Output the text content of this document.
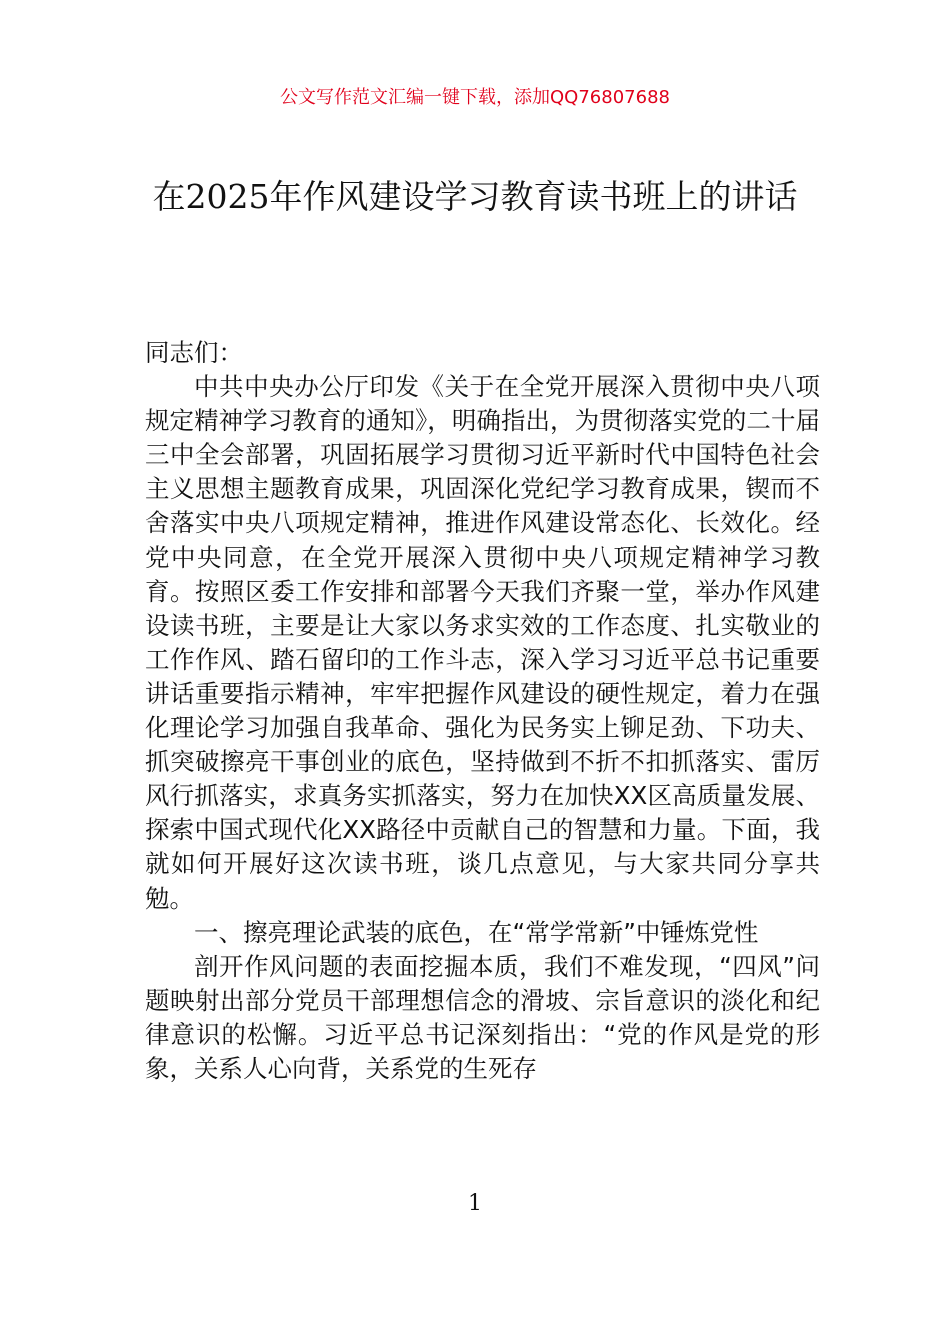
公文写作范文汇编一键下载，添加QQ76807688
在2025年作风建设学习教育读书班上的讲话

同志们：

中共中央办公厅印发《关于在全党开展深入贯彻中央八项规定精神学习教育的通知》，明确指出，为贯彻落实党的二十届三中全会部署，巩固拓展学习贯彻习近平新时代中国特色社会主义思想主题教育成果，巩固深化党纪学习教育成果，锲而不舍落实中央八项规定精神，推进作风建设常态化、长效化。经党中央同意，在全党开展深入贯彻中央八项规定精神学习教育。按照区委工作安排和部署今天我们齐聚一堂，举办作风建设读书班，主要是让大家以务求实效的工作态度、扎实敬业的工作作风、踏石留印的工作斗志，深入学习习近平总书记重要讲话重要指示精神，牢牢把握作风建设的硬性规定，着力在强化理论学习加强自我革命、强化为民务实上铆足劲、下功夫、抓突破擦亮干事创业的底色，坚持做到不折不扣抓落实、雷厉风行抓落实，求真务实抓落实，努力在加快XX区高质量发展、探索中国式现代化XX路径中贡献自己的智慧和力量。下面，我就如何开展好这次读书班，谈几点意见，与大家共同分享共勉。

一、擦亮理论武装的底色，在“常学常新”中锤炼党性

剖开作风问题的表面挖掘本质，我们不难发现，“四风”问题映射出部分党员干部理想信念的滑坡、宗旨意识的淡化和纪律意识的松懈。习近平总书记深刻指出：“党的作风是党的形象，关系人心向背，关系党的生死存

1
